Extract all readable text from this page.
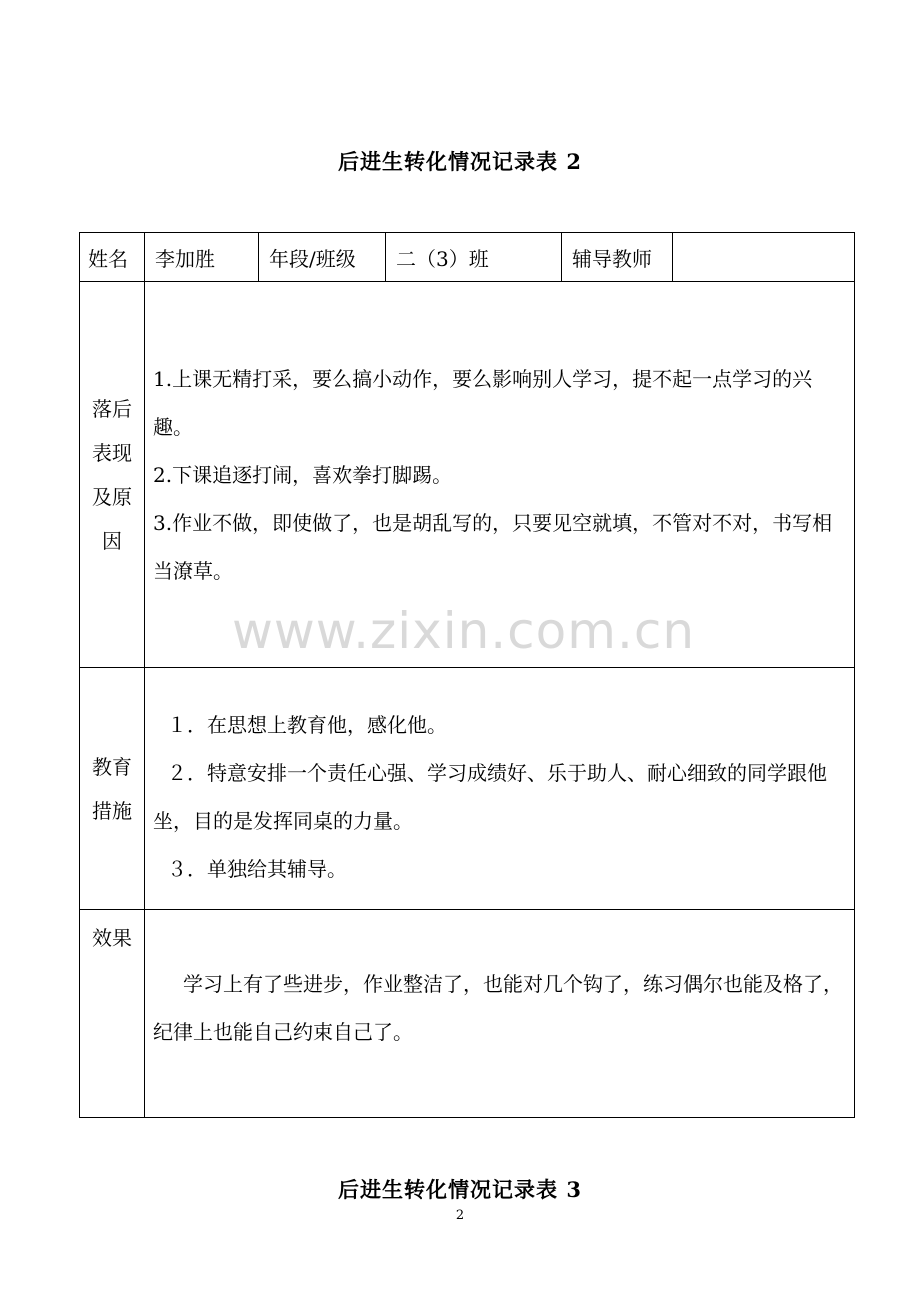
后进生转化情况记录表 2
www.zixin.com.cn
姓名	李加胜	年段/班级	二（3）班	辅导教师	
落后表现及原因	1.上课无精打采，要么搞小动作，要么影响别人学习，提不起一点学习的兴趣。

2.下课追逐打闹，喜欢拳打脚踢。

3.作业不做，即使做了，也是胡乱写的，只要见空就填，不管对不对，书写相当潦草。				

教育措施	１．在思想上教育他，感化他。

２．特意安排一个责任心强、学习成绩好、乐于助人、耐心细致的同学跟他坐，目的是发挥同桌的力量。

３．单独给其辅导。				

效果	学习上有了些进步，作业整洁了，也能对几个钩了，练习偶尔也能及格了，纪律上也能自己约束自己了。				

后进生转化情况记录表 3
2
